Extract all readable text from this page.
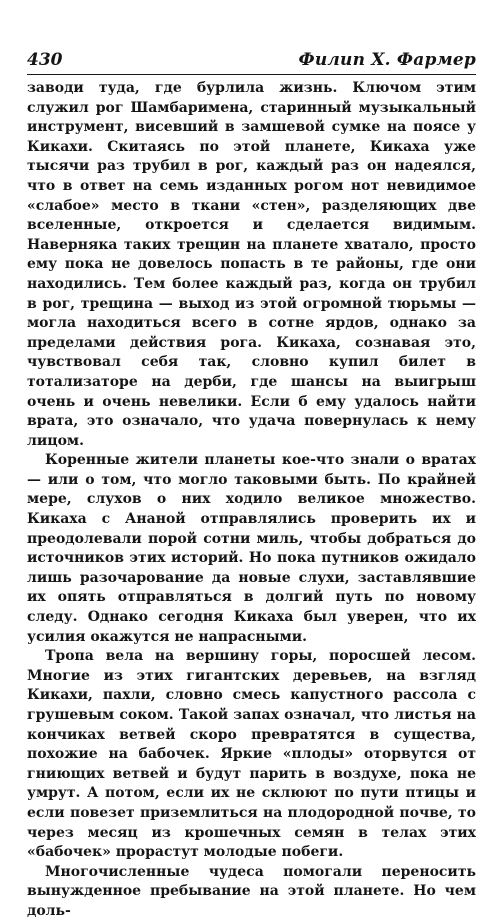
430	Филип Х. Фармер

заводи туда, где бурлила жизнь. Ключом этим служил рог Шамбаримена, старинный музыкальный инструмент, висевший в замшевой сумке на поясе у Кикахи. Скитаясь по этой планете, Кикаха уже тысячи раз трубил в рог, каждый раз он надеялся, что в ответ на семь изданных рогом нот невидимое «слабое» место в ткани «стен», разделяющих две вселенные, откроется и сделается видимым. Наверняка таких трещин на планете хватало, просто ему пока не довелось попасть в те районы, где они находились. Тем более каждый раз, когда он трубил в рог, трещина — выход из этой огромной тюрьмы — могла находиться всего в сотне ярдов, однако за пределами действия рога. Кикаха, сознавая это, чувствовал себя так, словно купил билет в тотализаторе на дерби, где шансы на выигрыш очень и очень невелики. Если б ему удалось найти врата, это означало, что удача повернулась к нему лицом.

Коренные жители планеты кое-что знали о вратах — или о том, что могло таковыми быть. По крайней мере, слухов о них ходило великое множество. Кикаха с Ананой отправлялись проверить их и преодолевали порой сотни миль, чтобы добраться до источников этих историй. Но пока путников ожидало лишь разочарование да новые слухи, заставлявшие их опять отправляться в долгий путь по новому следу. Однако сегодня Кикаха был уверен, что их усилия окажутся не напрасными.

Тропа вела на вершину горы, поросшей лесом. Многие из этих гигантских деревьев, на взгляд Кикахи, пахли, словно смесь капустного рассола с грушевым соком. Такой запах означал, что листья на кончиках ветвей скоро превратятся в существа, похожие на бабочек. Яркие «плоды» оторвутся от гниющих ветвей и будут парить в воздухе, пока не умрут. А потом, если их не склюют по пути птицы и если повезет приземлиться на плодородной почве, то через месяц из крошечных семян в телах этих «бабочек» прорастут молодые побеги.

Многочисленные чудеса помогали переносить вынужденное пребывание на этой планете. Но чем доль-
